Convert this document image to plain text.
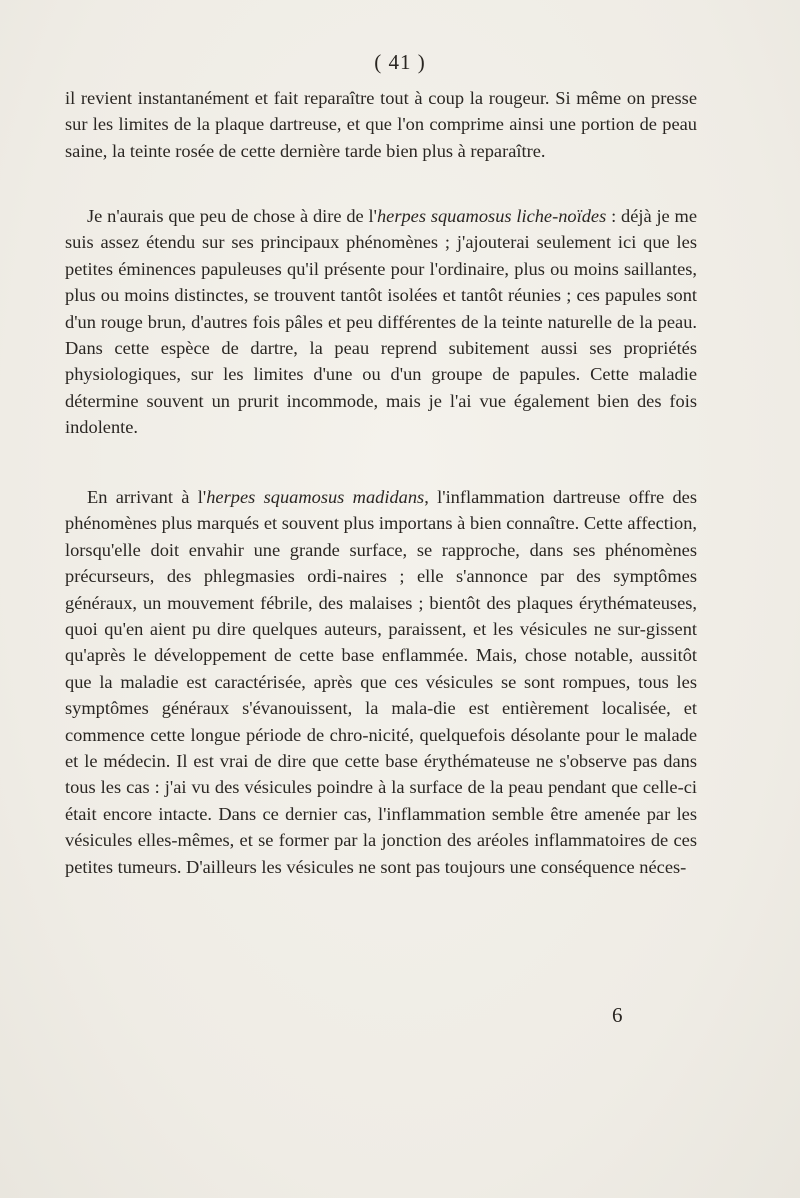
( 41 )

il revient instantanément et fait reparaître tout à coup la rougeur. Si même on presse sur les limites de la plaque dartreuse, et que l'on comprime ainsi une portion de peau saine, la teinte rosée de cette dernière tarde bien plus à reparaître.

Je n'aurais que peu de chose à dire de l'herpes squamosus liche-noïdes : déjà je me suis assez étendu sur ses principaux phénomènes ; j'ajouterai seulement ici que les petites éminences papuleuses qu'il présente pour l'ordinaire, plus ou moins saillantes, plus ou moins distinctes, se trouvent tantôt isolées et tantôt réunies ; ces papules sont d'un rouge brun, d'autres fois pâles et peu différentes de la teinte naturelle de la peau. Dans cette espèce de dartre, la peau reprend subitement aussi ses propriétés physiologiques, sur les limites d'une ou d'un groupe de papules. Cette maladie détermine souvent un prurit incommode, mais je l'ai vue également bien des fois indolente.

En arrivant à l'herpes squamosus madidans, l'inflammation dartreuse offre des phénomènes plus marqués et souvent plus importans à bien connaître. Cette affection, lorsqu'elle doit envahir une grande surface, se rapproche, dans ses phénomènes précurseurs, des phlegmasies ordi-naires ; elle s'annonce par des symptômes généraux, un mouvement fébrile, des malaises ; bientôt des plaques érythémateuses, quoi qu'en aient pu dire quelques auteurs, paraissent, et les vésicules ne sur-gissent qu'après le développement de cette base enflammée. Mais, chose notable, aussitôt que la maladie est caractérisée, après que ces vésicules se sont rompues, tous les symptômes généraux s'évanouissent, la mala-die est entièrement localisée, et commence cette longue période de chro-nicité, quelquefois désolante pour le malade et le médecin. Il est vrai de dire que cette base érythémateuse ne s'observe pas dans tous les cas : j'ai vu des vésicules poindre à la surface de la peau pendant que celle-ci était encore intacte. Dans ce dernier cas, l'inflammation semble être amenée par les vésicules elles-mêmes, et se former par la jonction des aréoles inflammatoires de ces petites tumeurs. D'ailleurs les vésicules ne sont pas toujours une conséquence néces-

6
